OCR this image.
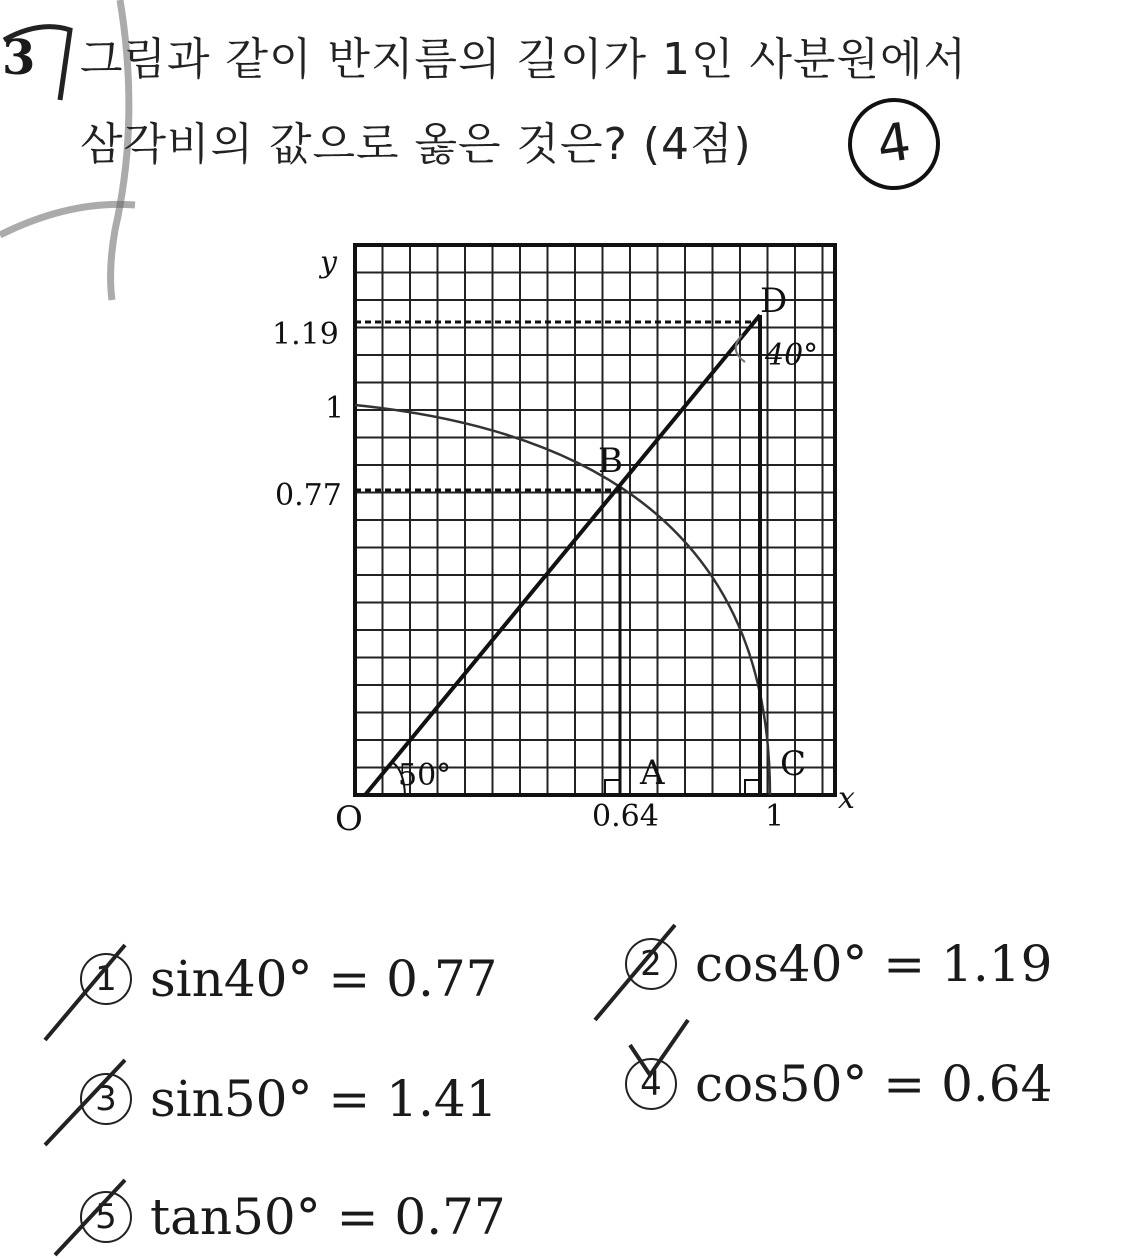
3 그림과 같이 반지름의 길이가 1인 사분원에서
삼각비의 값으로 옳은 것은? (4점)	4
y
x
O
1.19
1
0.77
0.64	1
A
B
C
D
50°
40°
1 sin40° = 0.77	2 cos40° = 1.19
3 sin50° = 1.41	4 cos50° = 0.64
5 tan50° = 0.77
